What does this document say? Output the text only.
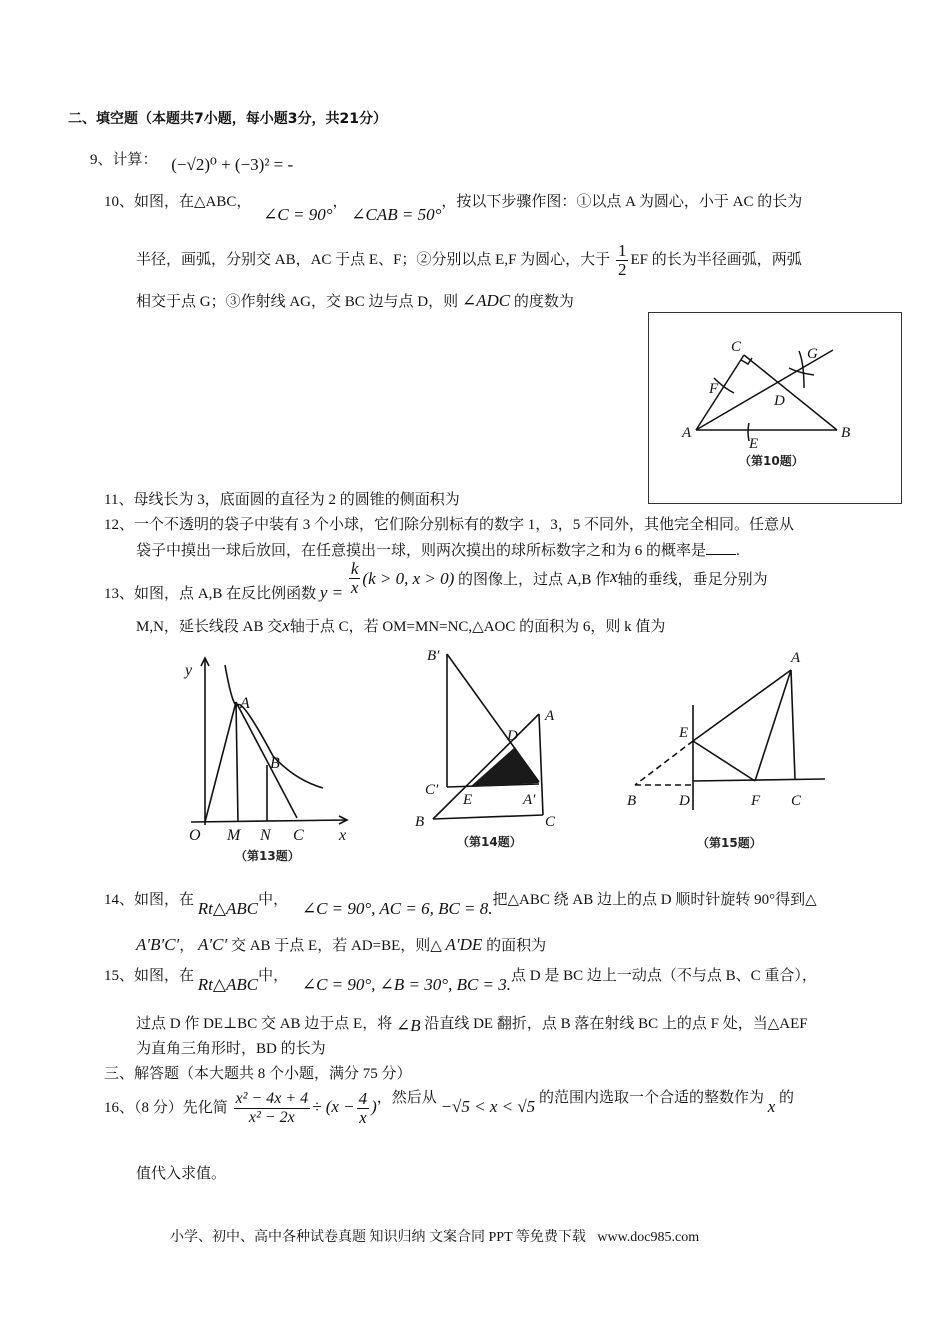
二、填空题（本题共7小题，每小题3分，共21分）
9、计算： (−√2)⁰ + (−3)² = -
10、如图，在△ABC， ∠C = 90°， ∠CAB = 50°，按以下步骤作图：①以点 A 为圆心，小于 AC 的长为
半径，画弧，分别交 AB，AC 于点 E、F；②分别以点 E,F 为圆心，大于 $\frac{1}{2}$ EF 的长为半径画弧，两弧
相交于点 G；③作射线 AG，交 BC 边与点 D，则 ∠ADC 的度数为
C
F
D
G
A	B
E
（第10题）
11、母线长为 3，底面圆的直径为 2 的圆锥的侧面积为
12、一个不透明的袋子中装有 3 个小球，它们除分别标有的数字 1，3，5 不同外，其他完全相同。任意从
袋子中摸出一球后放回，在任意摸出一球，则两次摸出的球所标数字之和为 6 的概率是 .
13、如图，点 A,B 在反比例函数 $y = \frac{k}{x} (k > 0$, x > 0) 的图像上，过点 A,B 作x轴的垂线，垂足分别为
M,N，延长线段 AB 交x轴于点 C，若 OM=MN=NC,△AOC 的面积为 6，则 k 值为
y
A
B
O M N C x
（第13题）
B′
A
D
C′
E	A′
B	C
（第14题）
A
E
B	D	F C
（第15题）
14、如图，在 Rt△ABC中， ∠C = 90°, AC = 6, BC = 8.把△ABC 绕 AB 边上的点 D 顺时针旋转 90°得到△
A′B′C′， A′C′ 交 AB 于点 E，若 AD=BE，则△ A′DE 的面积为
15、如图，在 Rt△ABC中， ∠C = 90°, ∠B = 30°, BC = 3.点 D 是 BC 边上一动点（不与点 B、C 重合），
过点 D 作 DE⊥BC 交 AB 边于点 E，将 ∠B 沿直线 DE 翻折，点 B 落在射线 BC 上的点 F 处，当△AEF
为直角三角形时，BD 的长为
三、解答题（本大题共 8 个小题，满分 75 分）
16、（8 分）先化简 $\frac{\text{x² − 4x + 4}}{\text{x² − 2x}} \div (x - \frac{4}{x}$ )，然后从 −√5 < x < √5 的范围内选取一个合适的整数作为 x 的
值代入求值。
小学、初中、高中各种试卷真题 知识归纳 文案合同 PPT 等免费下载 www.doc985.com
